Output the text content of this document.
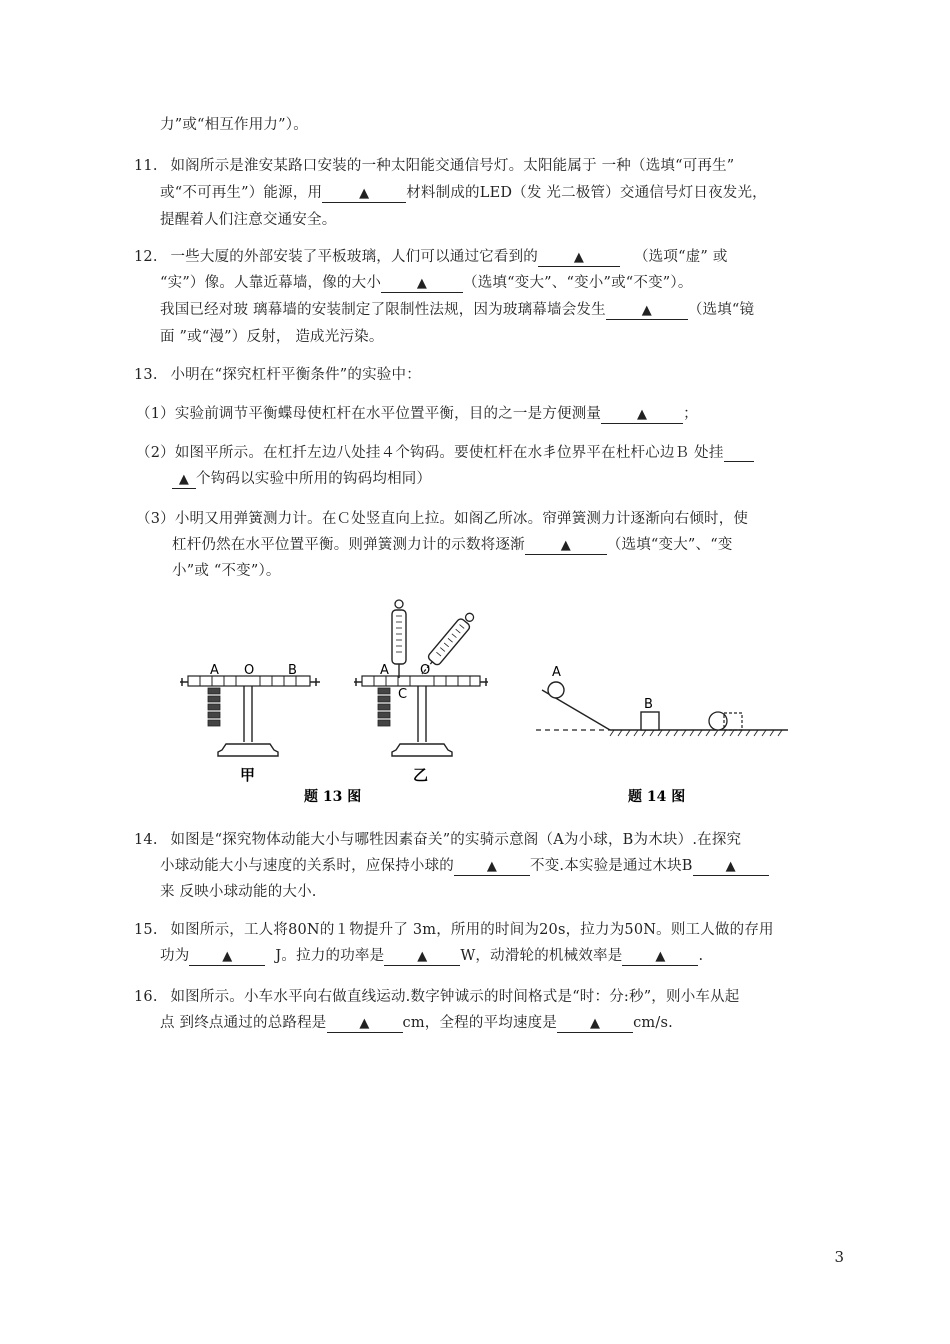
力”或“相互作用力”）。
11. 如阁所示是淮安某路口安装的一种太阳能交通信号灯。太阳能属于 一种（选填“可再生”
或“不可再生”）能源，用	▲	材料制成的LED（发 光二极管）交通信号灯日夜发光，
提醒着人们注意交通安全。
12. 一些大厦的外部安装了平板玻璃，人们可以通过它看到的	▲	（选项“虚” 或
“实”）像。人靠近幕墙，像的大小	▲ （选填“变大”、“变小”或“不变”）。
我国已经对玻 璃幕墙的安装制定了限制性法规，因为玻璃幕墙会发生	▲ （选填“镜
面 ”或“漫”）反射， 造成光污染。
13. 小明在“探究杠杆平衡条件”的实验中：
（1）实验前调节平衡蝶母使杠杆在水平位置平衡，目的之一是方便测量	▲ ；
（2）如图平所示。在杠扦左边八处挂４个钩码。要使杠杆在水丯位界平在杜杆心边Ｂ 处挂
▲ 个钩码以实验中所用的钩码均相同）
（3）小明又用弹簧测力计。在Ｃ处竖直向上拉。如阁乙所冰。帘弹簧测力计逐渐向右倾时，使
杠杆仍然在水平位置平衡。则弹簧测力计的示数将逐渐	▲ （选填“变大”、“变
小”或 “不变”）。
A O	B
甲
A O
C
乙
题 13 图
A
B
题 14 图
14. 如图是“探究物体动能大小与哪牲因素奋关”的实骑示意阁（A为小球，B为木块）.在探究
小球动能大小与速度的关系时，应保持小球的	▲ 不变.本实验是通过木块B	▲
来 反映小球动能的大小.
15. 如图所示，工人将80N的１物提升了 3m，所用的时间为20s，拉力为50N。则工人做的存用
功为	▲	J。拉力的功率是	▲ W，动滑轮的机械效率是	▲ .
16. 如图所示。小车水平向右做直线运动.数字钟诚示的时间格式是“时：分:秒”，则小车从起
点 到终点通过的总路程是	▲ cm，全程的平均速度是	▲ cm/s.
3
